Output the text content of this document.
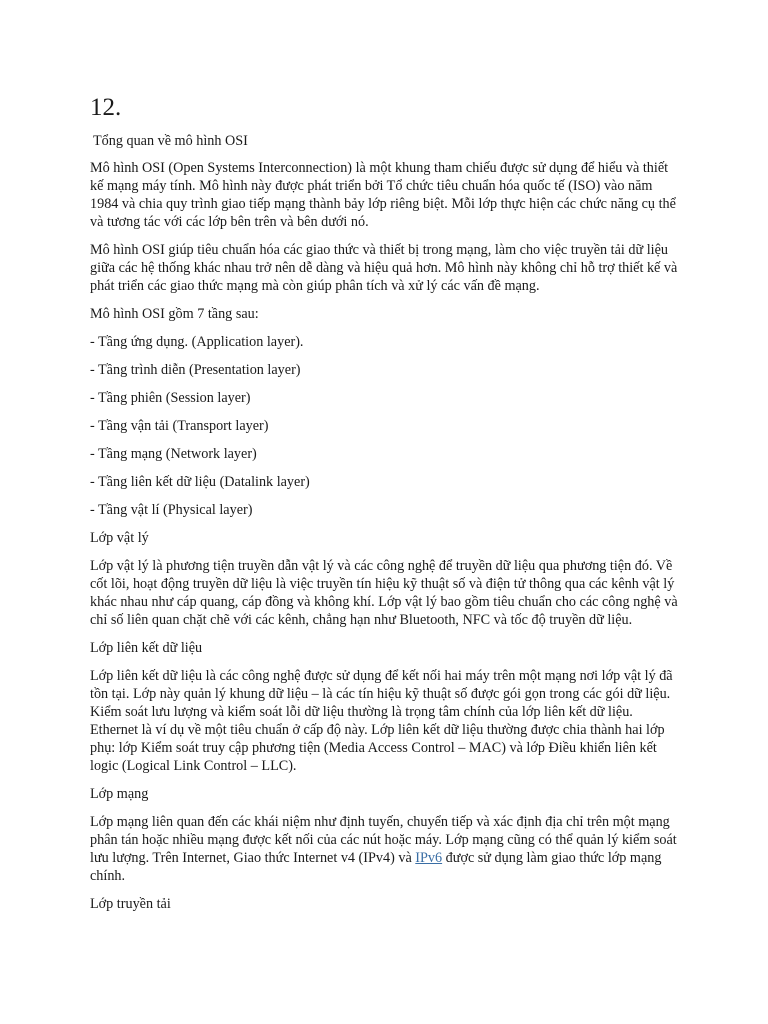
12.

Tổng quan về mô hình OSI

Mô hình OSI (Open Systems Interconnection) là một khung tham chiếu được sử dụng để hiểu và thiết kế mạng máy tính. Mô hình này được phát triển bởi Tổ chức tiêu chuẩn hóa quốc tế (ISO) vào năm 1984 và chia quy trình giao tiếp mạng thành bảy lớp riêng biệt. Mỗi lớp thực hiện các chức năng cụ thể và tương tác với các lớp bên trên và bên dưới nó.

Mô hình OSI giúp tiêu chuẩn hóa các giao thức và thiết bị trong mạng, làm cho việc truyền tải dữ liệu giữa các hệ thống khác nhau trở nên dễ dàng và hiệu quả hơn. Mô hình này không chỉ hỗ trợ thiết kế và phát triển các giao thức mạng mà còn giúp phân tích và xử lý các vấn đề mạng.

Mô hình OSI gồm 7 tầng sau:

- Tầng ứng dụng. (Application layer).

- Tầng trình diễn (Presentation layer)

- Tầng phiên (Session layer)

- Tầng vận tải (Transport layer)

- Tầng mạng (Network layer)

- Tầng liên kết dữ liệu (Datalink layer)

- Tầng vật lí (Physical layer)

Lớp vật lý

Lớp vật lý là phương tiện truyền dẫn vật lý và các công nghệ để truyền dữ liệu qua phương tiện đó. Về cốt lõi, hoạt động truyền dữ liệu là việc truyền tín hiệu kỹ thuật số và điện tử thông qua các kênh vật lý khác nhau như cáp quang, cáp đồng và không khí. Lớp vật lý bao gồm tiêu chuẩn cho các công nghệ và chỉ số liên quan chặt chẽ với các kênh, chẳng hạn như Bluetooth, NFC và tốc độ truyền dữ liệu.

Lớp liên kết dữ liệu

Lớp liên kết dữ liệu là các công nghệ được sử dụng để kết nối hai máy trên một mạng nơi lớp vật lý đã tồn tại. Lớp này quản lý khung dữ liệu – là các tín hiệu kỹ thuật số được gói gọn trong các gói dữ liệu. Kiểm soát lưu lượng và kiểm soát lỗi dữ liệu thường là trọng tâm chính của lớp liên kết dữ liệu. Ethernet là ví dụ về một tiêu chuẩn ở cấp độ này. Lớp liên kết dữ liệu thường được chia thành hai lớp phụ: lớp Kiểm soát truy cập phương tiện (Media Access Control – MAC) và lớp Điều khiển liên kết logic (Logical Link Control – LLC).

Lớp mạng

Lớp mạng liên quan đến các khái niệm như định tuyến, chuyển tiếp và xác định địa chỉ trên một mạng phân tán hoặc nhiều mạng được kết nối của các nút hoặc máy. Lớp mạng cũng có thể quản lý kiểm soát lưu lượng. Trên Internet, Giao thức Internet v4 (IPv4) và IPv6 được sử dụng làm giao thức lớp mạng chính.

Lớp truyền tải
